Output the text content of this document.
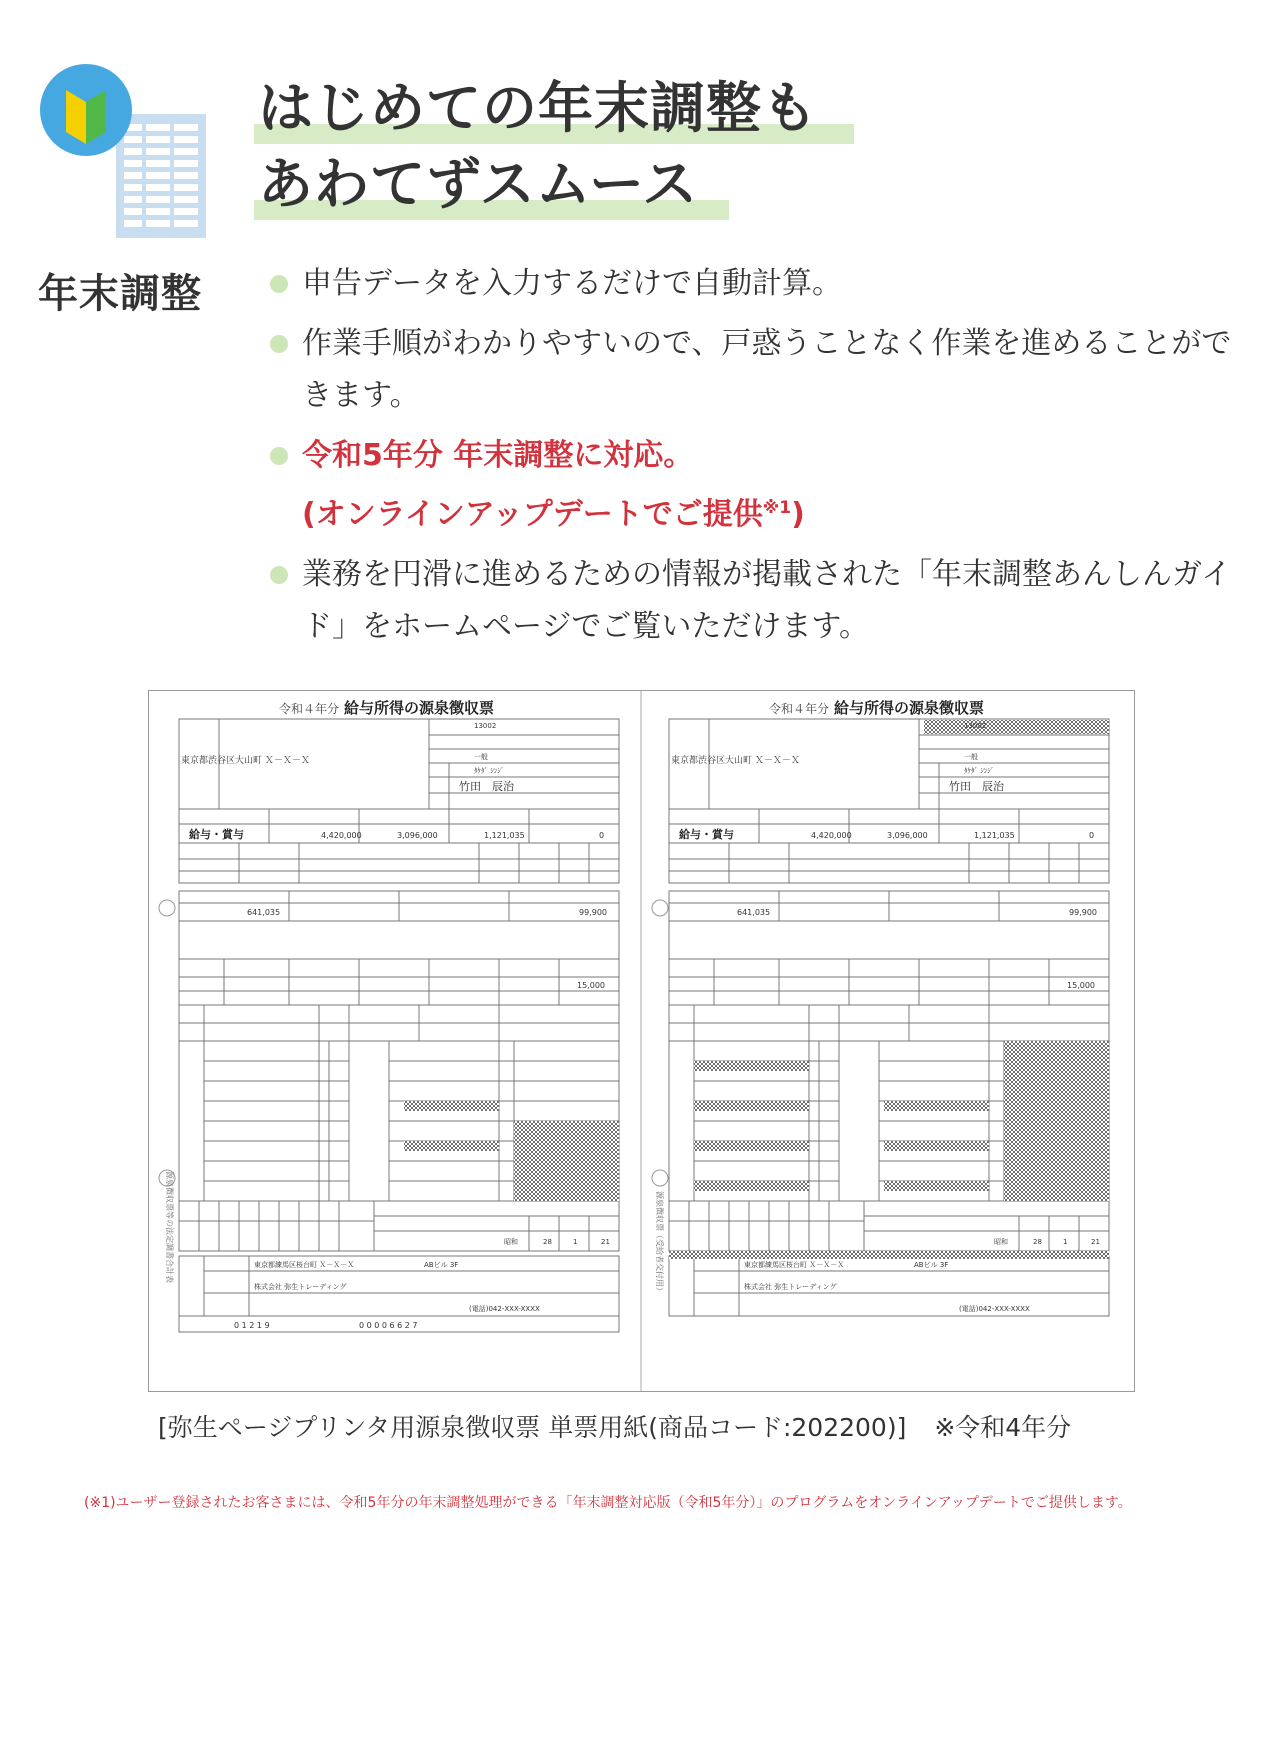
はじめての年末調整も
あわてずスムース
年末調整	申告データを入力するだけで自動計算。
作業手順がわかりやすいので、戸惑うことなく作業を進めることができます。
令和5年分 年末調整に対応。
(オンラインアップデートでご提供$^{※1}$)
業務を円滑に進めるための情報が掲載された「年末調整あんしんガイド」をホームページでご覧いただけます。
令和４年分 給与所得の源泉徴収票
源泉徴収票等の法定調書合計表
東京都渋谷区大山町 Ｘ－Ｘ－Ｘ
13002
一般
ﾀｹﾀﾞ ｼﾝｼﾞ
竹田　辰治
給与・賞与	4,420,000	3,096,000	1,121,035	0
641,035	99,900
15,000
昭和	28	1	21
東京都練馬区桜台町 Ｘ－Ｘ－Ｘ	ABビル 3F
株式会社 弥生トレーディング
(電話)042-XXX-XXXX
0 1 2 1 9	0 0 0 0 6 6 2 7
令和４年分 給与所得の源泉徴収票
源泉徴収票（受給者交付用）
東京都渋谷区大山町 Ｘ－Ｘ－Ｘ
13002
一般
ﾀｹﾀﾞ ｼﾝｼﾞ
竹田　辰治
給与・賞与	4,420,000	3,096,000	1,121,035	0
641,035	99,900
15,000
昭和	28	1	21
東京都練馬区桜台町 Ｘ－Ｘ－Ｘ	ABビル 3F
株式会社 弥生トレーディング
(電話)042-XXX-XXXX
[弥生ページプリンタ用源泉徴収票 単票用紙(商品コード:202200)] ※令和4年分
(※1)ユーザー登録されたお客さまには、令和5年分の年末調整処理ができる「年末調整対応版（令和5年分）」のプログラムをオンラインアップデートでご提供します。
